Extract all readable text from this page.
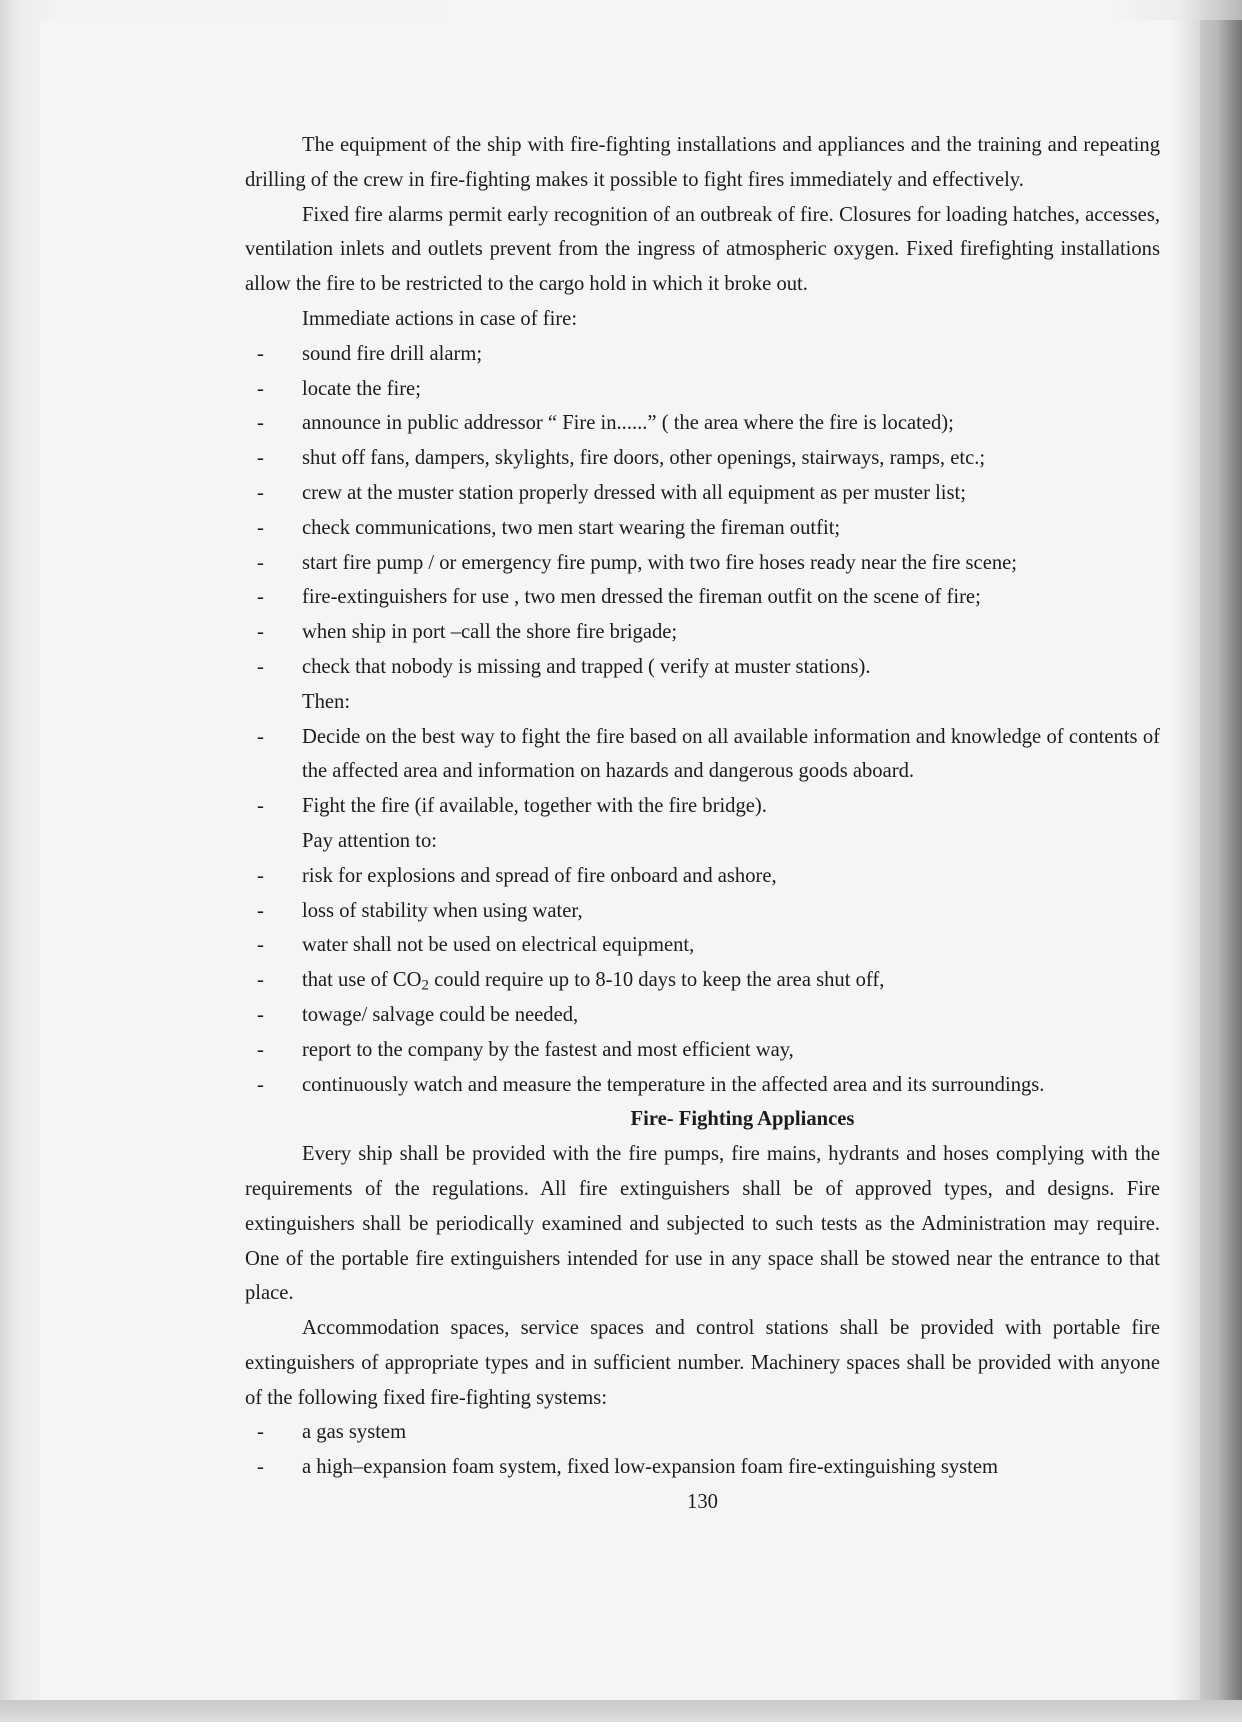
The equipment of the ship with fire-fighting installations and appliances and the training and repeating drilling of the crew in fire-fighting makes it possible to fight fires immediately and effectively.

Fixed fire alarms permit early recognition of an outbreak of fire. Closures for loading hatches, accesses, ventilation inlets and outlets prevent from the ingress of atmospheric oxygen. Fixed firefighting installations allow the fire to be restricted to the cargo hold in which it broke out.

Immediate actions in case of fire:

- sound fire drill alarm;

- locate the fire;

- announce in public addressor “ Fire in......” ( the area where the fire is located);

- shut off fans, dampers, skylights, fire doors, other openings, stairways, ramps, etc.;

- crew at the muster station properly dressed with all equipment as per muster list;

- check communications, two men start wearing the fireman outfit;

- start fire pump / or emergency fire pump, with two fire hoses ready near the fire scene;

- fire-extinguishers for use , two men dressed the fireman outfit on the scene of fire;

- when ship in port –call the shore fire brigade;

- check that nobody is missing and trapped ( verify at muster stations).

Then:

- Decide on the best way to fight the fire based on all available information and knowledge of contents of the affected area and information on hazards and dangerous goods aboard.

- Fight the fire (if available, together with the fire bridge).

Pay attention to:

- risk for explosions and spread of fire onboard and ashore,

- loss of stability when using water,

- water shall not be used on electrical equipment,

- that use of $CO_2$ could require up to 8-10 days to keep the area shut off,

- towage/ salvage could be needed,

- report to the company by the fastest and most efficient way,

- continuously watch and measure the temperature in the affected area and its surroundings.

Fire- Fighting Appliances

Every ship shall be provided with the fire pumps, fire mains, hydrants and hoses complying with the requirements of the regulations. All fire extinguishers shall be of approved types, and designs. Fire extinguishers shall be periodically examined and subjected to such tests as the Administration may require. One of the portable fire extinguishers intended for use in any space shall be stowed near the entrance to that place.

Accommodation spaces, service spaces and control stations shall be provided with portable fire extinguishers of appropriate types and in sufficient number. Machinery spaces shall be provided with anyone of the following fixed fire-fighting systems:

- a gas system

- a high–expansion foam system, fixed low-expansion foam fire-extinguishing system

130
